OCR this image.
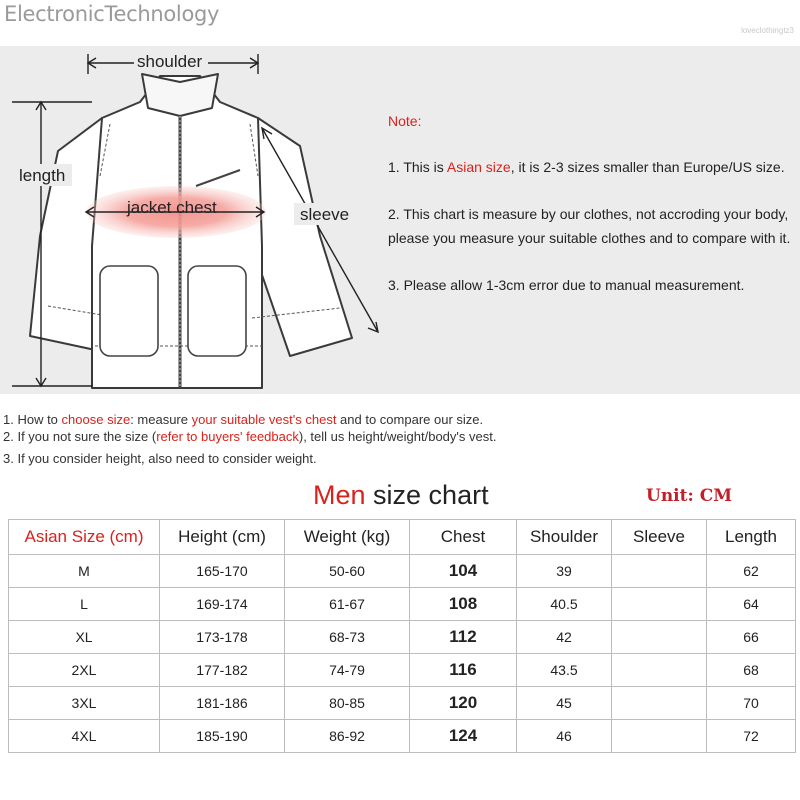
ElectronicTechnology
loveclothingtz3
shoulder
length
sleeve
jacket chest
Note:
1. This is Asian size, it is 2-3 sizes smaller than Europe/US size.
2. This chart is measure by our clothes, not accroding your body,
please you measure your suitable clothes and to compare with it.
3. Please allow 1-3cm error due to manual measurement.
1. How to choose size: measure your suitable vest's chest and to compare our size.
2. If you not sure the size (refer to buyers' feedback), tell us height/weight/body's vest.
3. If you consider height, also need to consider weight.
Men size chart	Unit: CM
Asian Size (cm)	Height (cm)	Weight (kg)	Chest	Shoulder	Sleeve	Length
M	165-170	50-60	104	39		62
L	169-174	61-67	108	40.5		64
XL	173-178	68-73	112	42		66
2XL	177-182	74-79	116	43.5		68
3XL	181-186	80-85	120	45		70
4XL	185-190	86-92	124	46		72
